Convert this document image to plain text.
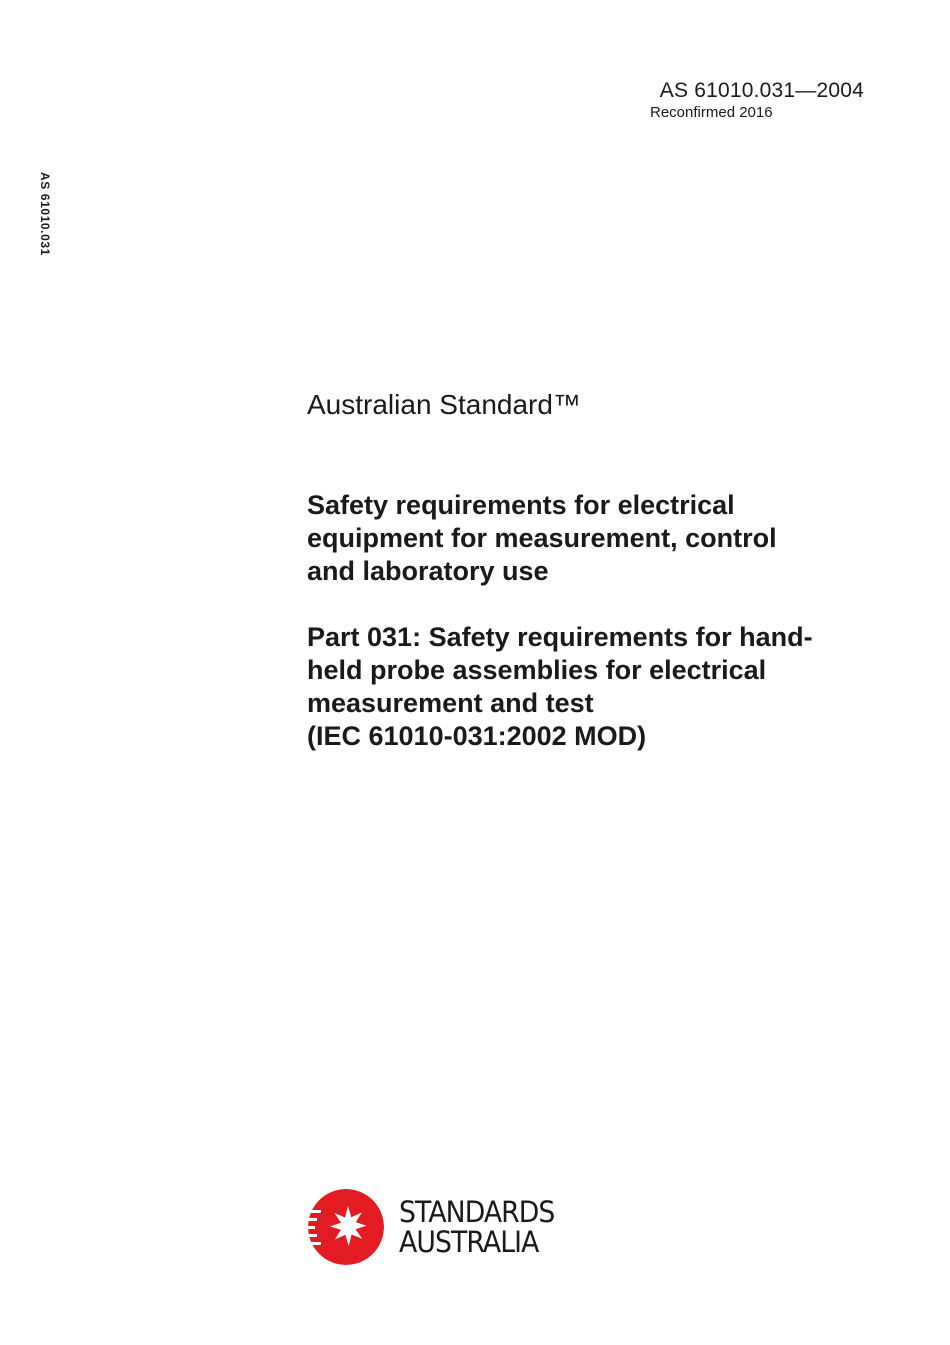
AS 61010.031—2004
Reconfirmed 2016
AS 61010.031
Australian Standard™
Safety requirements for electrical
equipment for measurement, control
and laboratory use
Part 031: Safety requirements for hand-
held probe assemblies for electrical
measurement and test
(IEC 61010-031:2002 MOD)
STANDARDS
AUSTRALIA
